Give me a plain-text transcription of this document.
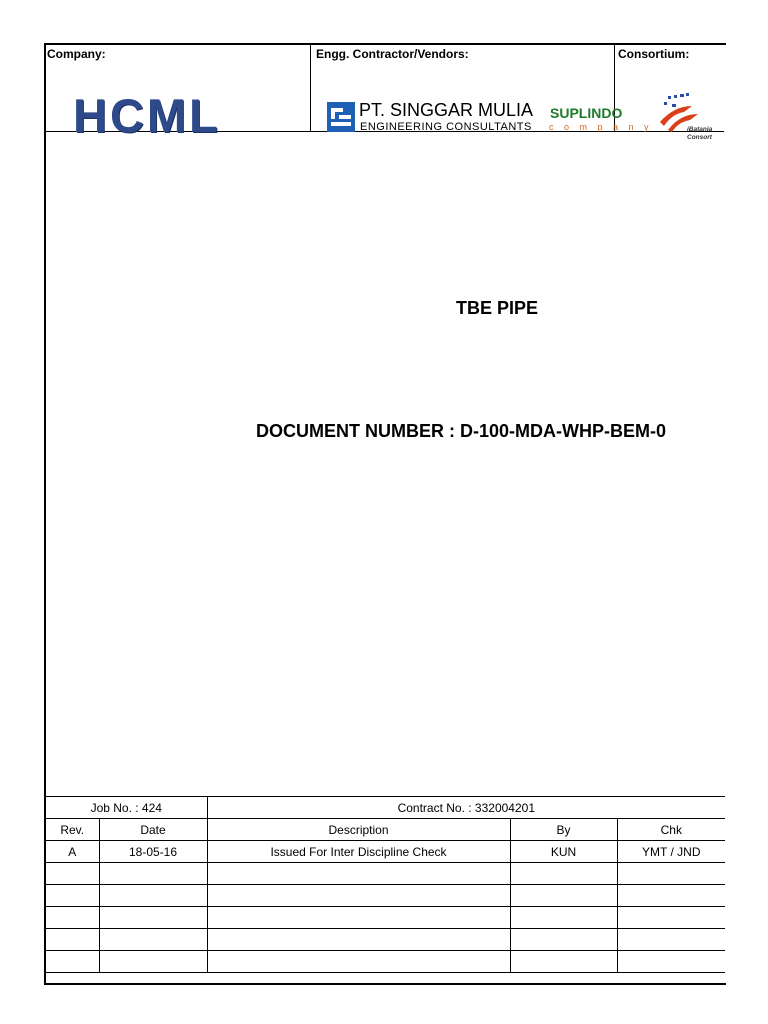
Company:	Engg. Contractor/Vendors:	Consortium:
HCML	PT. SINGGAR MULIA
ENGINEERING CONSULTANTS
SUPLINDO
c o m p a n y	iBatania
Consort
DOCUMENT NUMBER : D-100-MDA-WHP-BEM-0
TBE PIPE
Job No. : 424		Contract No. : 332004201		
Rev.	Date	Description	By	Chk
A	18-05-16	Issued For Inter Discipline Check	KUN	YMT / JND
